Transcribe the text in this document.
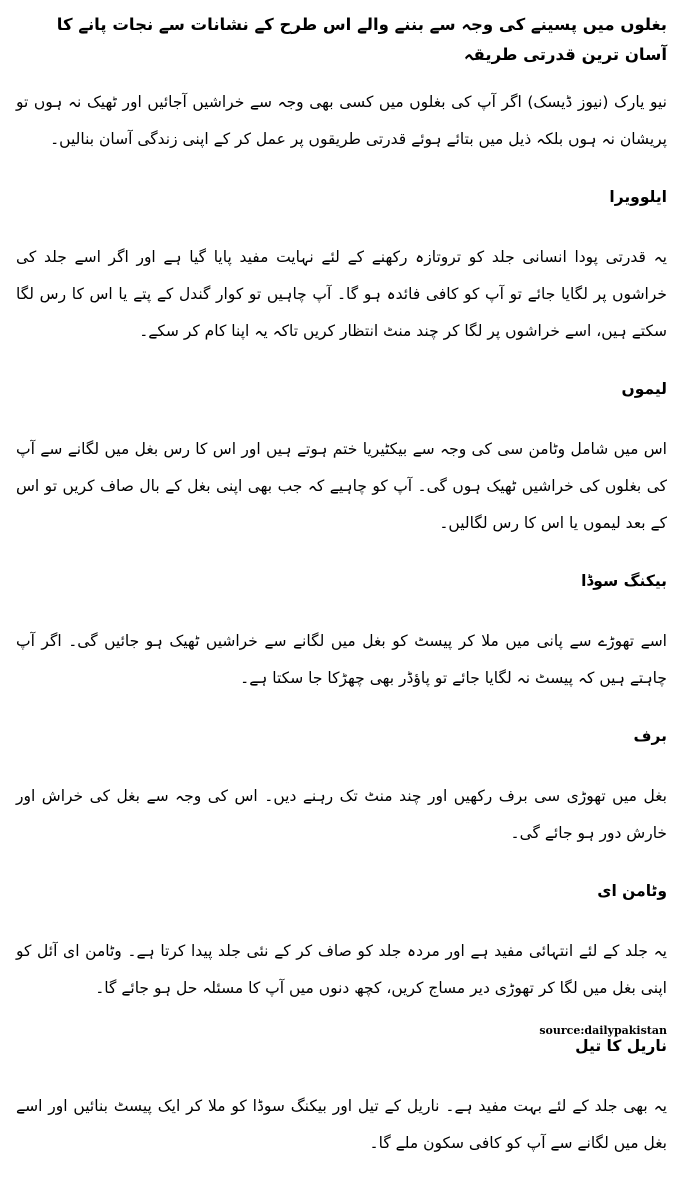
بغلوں میں پسینے کی وجہ سے بننے والے اس طرح کے نشانات سے نجات پانے کا آسان ترین قدرتی طریقہ

نیو یارک (نیوز ڈیسک) اگر آپ کی بغلوں میں کسی بھی وجہ سے خراشیں آجائیں اور ٹھیک نہ ہوں تو پریشان نہ ہوں بلکہ ذیل میں بتائے ہوئے قدرتی طریقوں پر عمل کر کے اپنی زندگی آسان بنالیں۔

ایلوویرا

یہ قدرتی پودا انسانی جلد کو تروتازہ رکھنے کے لئے نہایت مفید پایا گیا ہے اور اگر اسے جلد کی خراشوں پر لگایا جائے تو آپ کو کافی فائدہ ہو گا۔ آپ چاہیں تو کوار گندل کے پتے یا اس کا رس لگا سکتے ہیں، اسے خراشوں پر لگا کر چند منٹ انتظار کریں تاکہ یہ اپنا کام کر سکے۔

لیموں

اس میں شامل وٹامن سی کی وجہ سے بیکٹیریا ختم ہوتے ہیں اور اس کا رس بغل میں لگانے سے آپ کی بغلوں کی خراشیں ٹھیک ہوں گی۔ آپ کو چاہیے کہ جب بھی اپنی بغل کے بال صاف کریں تو اس کے بعد لیموں یا اس کا رس لگالیں۔

بیکنگ سوڈا

اسے تھوڑے سے پانی میں ملا کر پیسٹ کو بغل میں لگانے سے خراشیں ٹھیک ہو جائیں گی۔ اگر آپ چاہتے ہیں کہ پیسٹ نہ لگایا جائے تو پاؤڈر بھی چھڑکا جا سکتا ہے۔

برف

بغل میں تھوڑی سی برف رکھیں اور چند منٹ تک رہنے دیں۔ اس کی وجہ سے بغل کی خراش اور خارش دور ہو جائے گی۔

وٹامن ای

یہ جلد کے لئے انتہائی مفید ہے اور مردہ جلد کو صاف کر کے نئی جلد پیدا کرتا ہے۔ وٹامن ای آئل کو اپنی بغل میں لگا کر تھوڑی دیر مساج کریں، کچھ دنوں میں آپ کا مسئلہ حل ہو جائے گا۔

ناریل کا تیل

یہ بھی جلد کے لئے بہت مفید ہے۔ ناریل کے تیل اور بیکنگ سوڈا کو ملا کر ایک پیسٹ بنائیں اور اسے بغل میں لگانے سے آپ کو کافی سکون ملے گا۔

source:dailypakistan
